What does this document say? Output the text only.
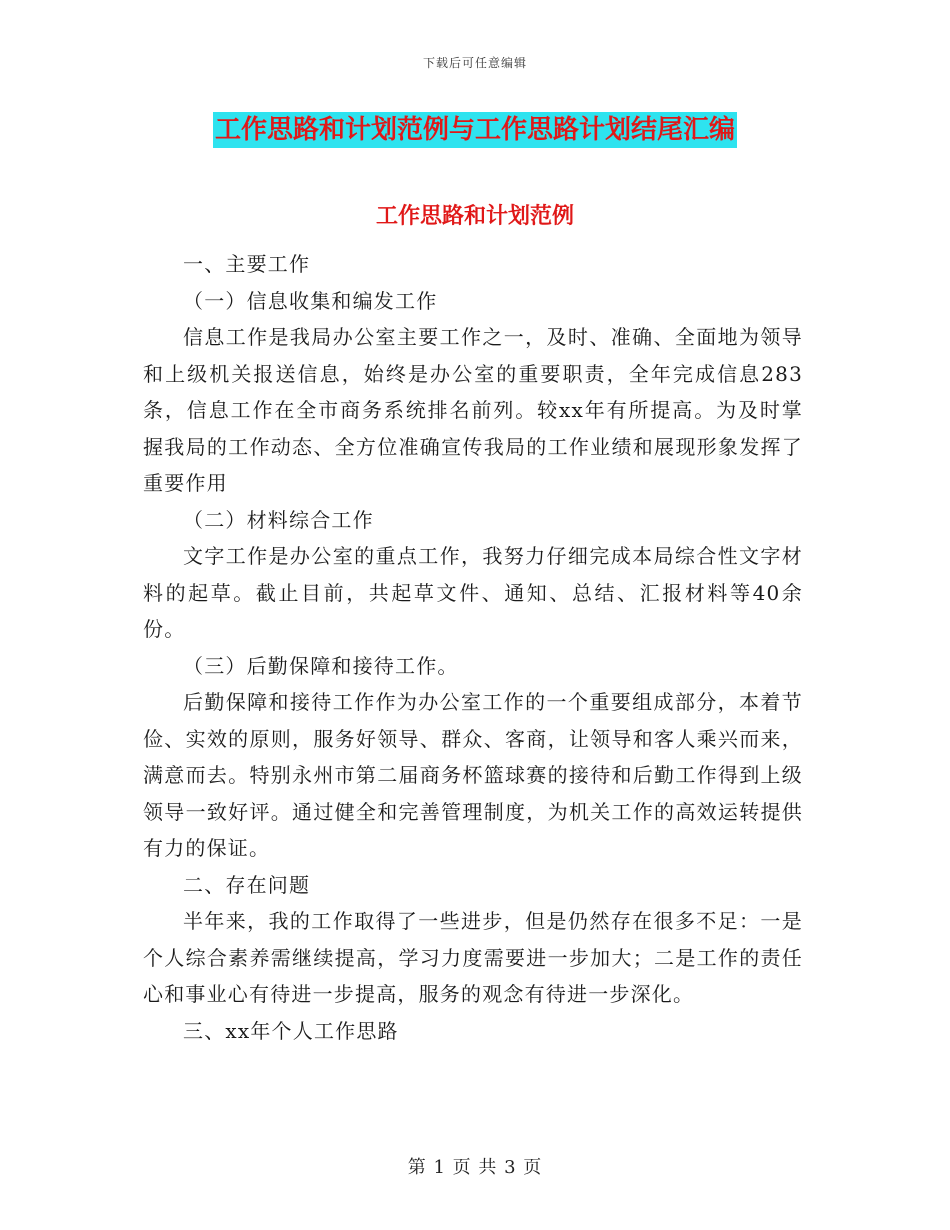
下载后可任意编辑
工作思路和计划范例与工作思路计划结尾汇编
工作思路和计划范例

一、主要工作

（一）信息收集和编发工作

信息工作是我局办公室主要工作之一，及时、准确、全面地为领导和上级机关报送信息，始终是办公室的重要职责，全年完成信息283条，信息工作在全市商务系统排名前列。较xx年有所提高。为及时掌握我局的工作动态、全方位准确宣传我局的工作业绩和展现形象发挥了重要作用

（二）材料综合工作

文字工作是办公室的重点工作，我努力仔细完成本局综合性文字材料的起草。截止目前，共起草文件、通知、总结、汇报材料等40余份。

（三）后勤保障和接待工作。

后勤保障和接待工作作为办公室工作的一个重要组成部分，本着节俭、实效的原则，服务好领导、群众、客商，让领导和客人乘兴而来，满意而去。特别永州市第二届商务杯篮球赛的接待和后勤工作得到上级领导一致好评。通过健全和完善管理制度，为机关工作的高效运转提供有力的保证。

二、存在问题

半年来，我的工作取得了一些进步，但是仍然存在很多不足：一是个人综合素养需继续提高，学习力度需要进一步加大；二是工作的责任心和事业心有待进一步提高，服务的观念有待进一步深化。

三、xx年个人工作思路

第 1 页 共 3 页
